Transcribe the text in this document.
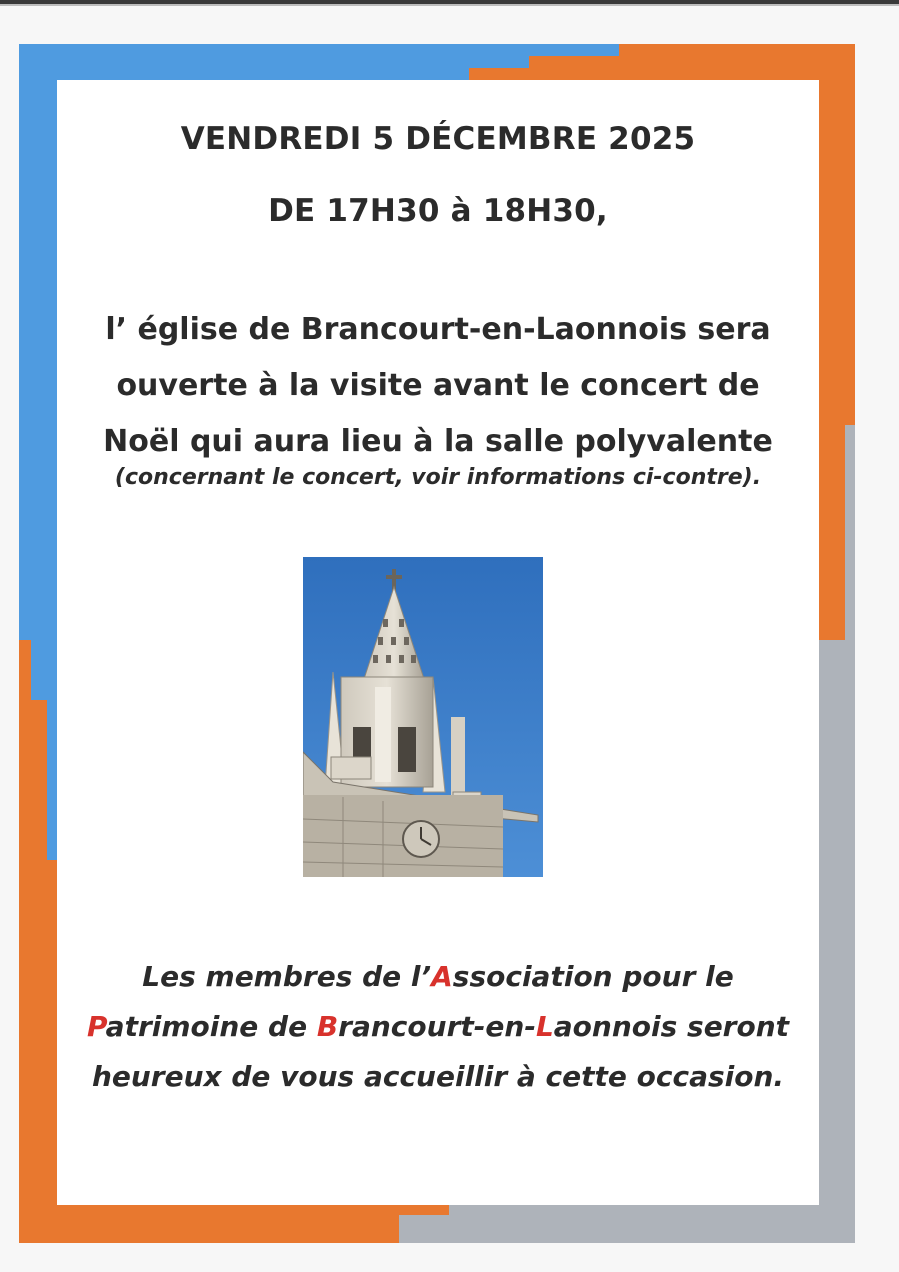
VENDREDI 5 DÉCEMBRE 2025
DE 17H30 à 18H30,
l’ église de Brancourt-en-Laonnois sera
ouverte à la visite avant le concert de
Noël qui aura lieu à la salle polyvalente
(concernant le concert, voir informations ci-contre).
Les membres de l’Association pour le
Patrimoine de Brancourt-en-Laonnois seront
heureux de vous accueillir à cette occasion.
